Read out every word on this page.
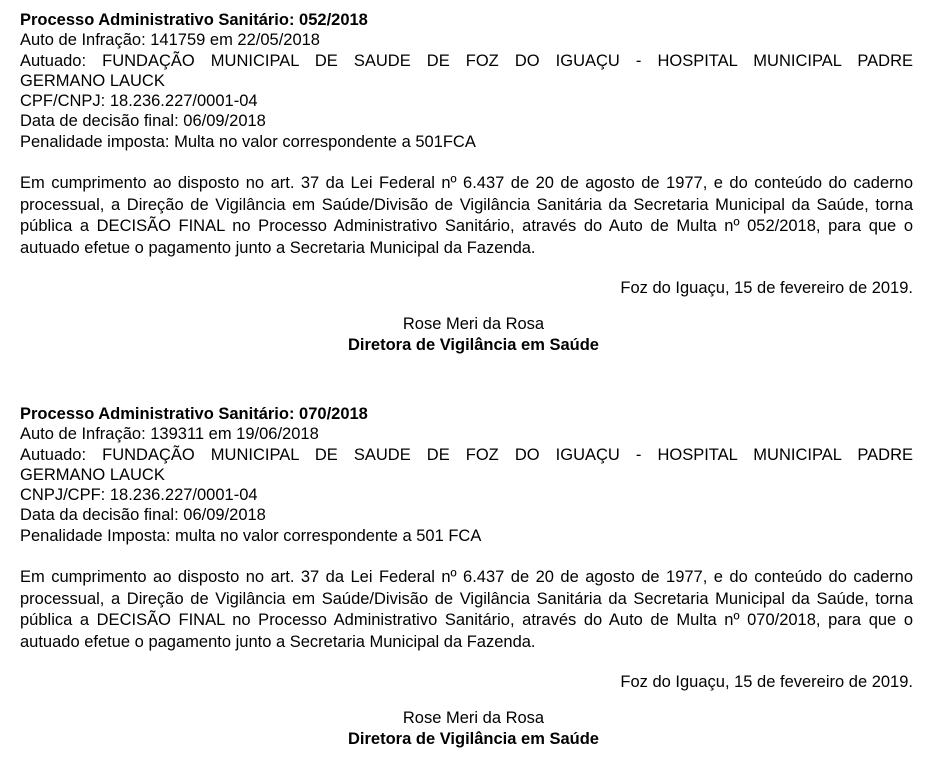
Processo Administrativo Sanitário: 052/2018

Auto de Infração: 141759 em 22/05/2018

Autuado: FUNDAÇÃO MUNICIPAL DE SAUDE DE FOZ DO IGUAÇU - HOSPITAL MUNICIPAL PADRE

GERMANO LAUCK

CPF/CNPJ: 18.236.227/0001-04

Data de decisão final: 06/09/2018

Penalidade imposta: Multa no valor correspondente a 501FCA

Em cumprimento ao disposto no art. 37 da Lei Federal nº 6.437 de 20 de agosto de 1977, e do conteúdo do caderno processual, a Direção de Vigilância em Saúde/Divisão de Vigilância Sanitária da Secretaria Municipal da Saúde, torna pública a DECISÃO FINAL no Processo Administrativo Sanitário, através do Auto de Multa nº 052/2018, para que o autuado efetue o pagamento junto a Secretaria Municipal da Fazenda.

Foz do Iguaçu, 15 de fevereiro de 2019.

Rose Meri da Rosa

Diretora de Vigilância em Saúde

Processo Administrativo Sanitário: 070/2018

Auto de Infração: 139311 em 19/06/2018

Autuado: FUNDAÇÃO MUNICIPAL DE SAUDE DE FOZ DO IGUAÇU - HOSPITAL MUNICIPAL PADRE

GERMANO LAUCK

CNPJ/CPF: 18.236.227/0001-04

Data da decisão final: 06/09/2018

Penalidade Imposta: multa no valor correspondente a 501 FCA

Em cumprimento ao disposto no art. 37 da Lei Federal nº 6.437 de 20 de agosto de 1977, e do conteúdo do caderno processual, a Direção de Vigilância em Saúde/Divisão de Vigilância Sanitária da Secretaria Municipal da Saúde, torna pública a DECISÃO FINAL no Processo Administrativo Sanitário, através do Auto de Multa nº 070/2018, para que o autuado efetue o pagamento junto a Secretaria Municipal da Fazenda.

Foz do Iguaçu, 15 de fevereiro de 2019.

Rose Meri da Rosa

Diretora de Vigilância em Saúde
